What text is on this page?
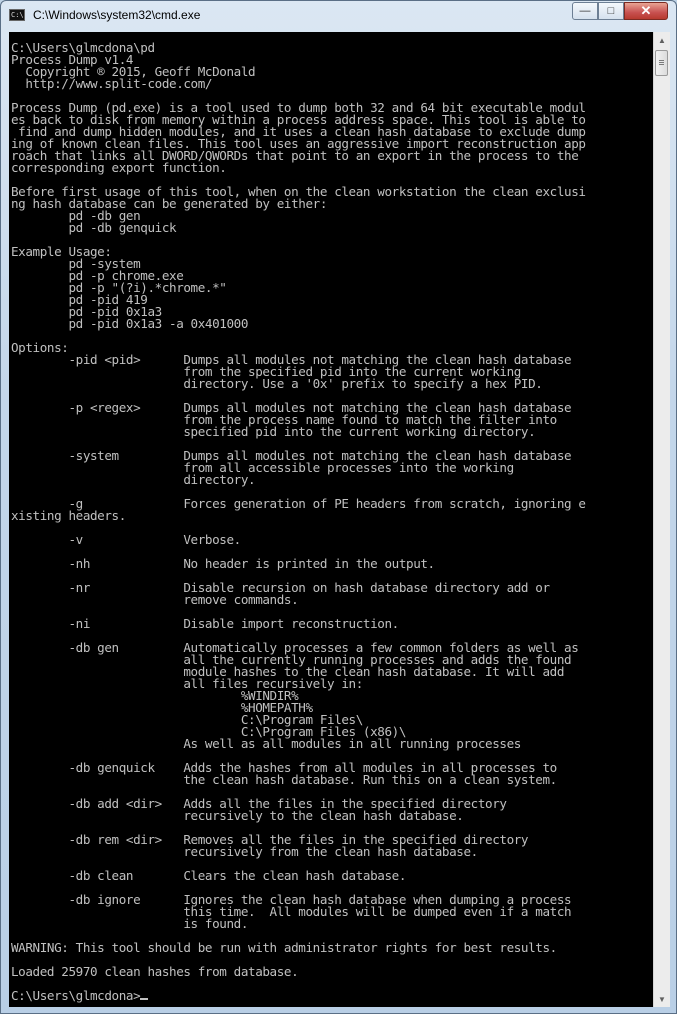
C:\ C:\Windows\system32\cmd.exe	—	□	✕
C:\Users\glmcdona\pd
Process Dump v1.4
Copyright ® 2015, Geoff McDonald
http://www.split-code.com/

Process Dump (pd.exe) is a tool used to dump both 32 and 64 bit executable modul
es back to disk from memory within a process address space. This tool is able to
find and dump hidden modules, and it uses a clean hash database to exclude dump
ing of known clean files. This tool uses an aggressive import reconstruction app
roach that links all DWORD/QWORDs that point to an export in the process to the
corresponding export function.

Before first usage of this tool, when on the clean workstation the clean exclusi
ng hash database can be generated by either:
pd -db gen
pd -db genquick

Example Usage:
pd -system
pd -p chrome.exe
pd -p "(?i).*chrome.*"
pd -pid 419
pd -pid 0x1a3
pd -pid 0x1a3 -a 0x401000

Options:
-pid <pid>      Dumps all modules not matching the clean hash database
from the specified pid into the current working
directory. Use a '0x' prefix to specify a hex PID.

-p <regex>      Dumps all modules not matching the clean hash database
from the process name found to match the filter into
specified pid into the current working directory.

-system         Dumps all modules not matching the clean hash database
from all accessible processes into the working
directory.

-g              Forces generation of PE headers from scratch, ignoring e
xisting headers.

-v              Verbose.

-nh             No header is printed in the output.

-nr             Disable recursion on hash database directory add or
remove commands.

-ni             Disable import reconstruction.

-db gen         Automatically processes a few common folders as well as
all the currently running processes and adds the found
module hashes to the clean hash database. It will add
all files recursively in:
%WINDIR%
%HOMEPATH%
C:\Program Files\
C:\Program Files (x86)\
As well as all modules in all running processes

-db genquick    Adds the hashes from all modules in all processes to
the clean hash database. Run this on a clean system.

-db add <dir>   Adds all the files in the specified directory
recursively to the clean hash database.

-db rem <dir>   Removes all the files in the specified directory
recursively from the clean hash database.

-db clean       Clears the clean hash database.

-db ignore      Ignores the clean hash database when dumping a process
this time.  All modules will be dumped even if a match
is found.

WARNING: This tool should be run with administrator rights for best results.

Loaded 25970 clean hashes from database.

C:\Users\glmcdona>
▲
▼
